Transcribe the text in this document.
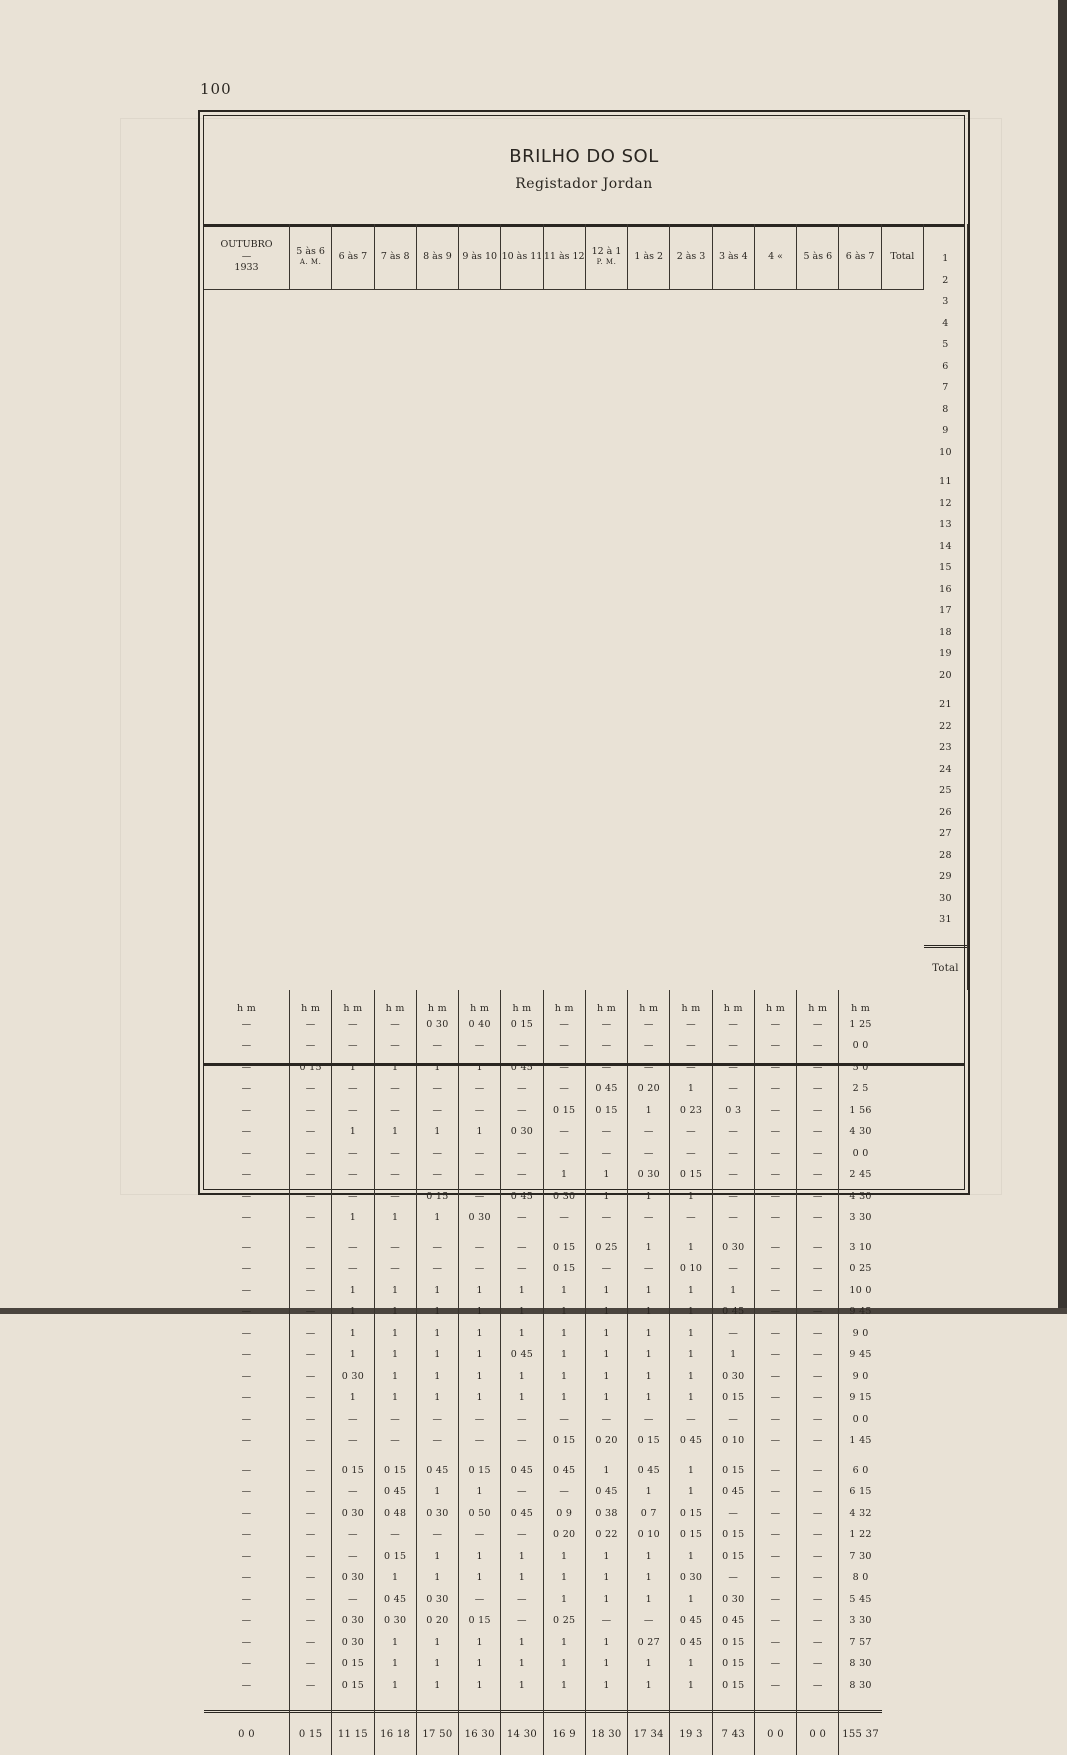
100
BRILHO DO SOL
Registador Jordan
OUTUBRO
—
1933
5 às 6
A. M.
6 às 7 7 às 8 8 às 9 9 às 10 10 às 11 11 às 12 12 à 1
P. M.
1 às 2 2 às 3 3 às 4 4 « 5 às 6 6 às 7 Total	1
2
3
4
5
6
7
8
9
10
11
12
13
14
15
16
17
18
19
20
21
22
23
24
25
26
27
28
29
30
31
Total
h m
—
—
—
—
—
—
—
—
—
—
—
—
—
—
—
—
—
—
—
—
—
—
—
—
—
—
—
—
—
—
—
0 0
h m
—
—
0 15
—
—
—
—
—
—
—
—
—
—
—
—
—
—
—
—
—
—
—
—
—
—
—
—
—
—
—
—
0 15
h m
—
—
1
—
—
1
—
—
—
1
—
—
1
1
1
1
0 30
1
—
—
0 15
—
0 30
—
—
0 30
—
0 30
0 30
0 15
0 15
11 15
h m
—
—
1
—
—
1
—
—
—
1
—
—
1
1
1
1
1
1
—
—
0 15
0 45
0 48
—
0 15
1
0 45
0 30
1
1
1
16 18
h m
0 30
—
1
—
—
1
—
—
0 15
1
—
—
1
1
1
1
1
1
—
—
0 45
1
0 30
—
1
1
0 30
0 20
1
1
1
17 50
h m
0 40
—
1
—
—
1
—
—
—
0 30
—
—
1
1
1
1
1
1
—
—
0 15
1
0 50
—
1
1
—
0 15
1
1
1
16 30
h m
0 15
—
0 45
—
—
0 30
—
—
0 45
—
—
—
1
1
1
0 45
1
1
—
—
0 45
—
0 45
—
1
1
—
—
1
1
1
14 30
h m
—
—
—
—
0 15
—
—
1
0 30
—
0 15
0 15
1
1
1
1
1
1
—
0 15
0 45
—
0 9
0 20
1
1
1
0 25
1
1
1
16 9
h m
—
—
—
0 45
0 15
—
—
1
1
—
0 25
—
1
1
1
1
1
1
—
0 20
1
0 45
0 38
0 22
1
1
1
—
1
1
1
18 30
h m
—
—
—
0 20
1
—
—
0 30
1
—
1
—
1
1
1
1
1
1
—
0 15
0 45
1
0 7
0 10
1
1
1
—
0 27
1
1
17 34
h m
—
—
—
1
0 23
—
—
0 15
1
—
1
0 10
1
1
1
1
1
1
—
0 45
1
1
0 15
0 15
1
0 30
1
0 45
0 45
1
1
19 3
h m
—
—
—
—
0 3
—
—
—
—
—
0 30
—
1
0 45
—
1
0 30
0 15
—
0 10
0 15
0 45
—
0 15
0 15
—
0 30
0 45
0 15
0 15
0 15
7 43
h m
—
—
—
—
—
—
—
—
—
—
—
—
—
—
—
—
—
—
—
—
—
—
—
—
—
—
—
—
—
—
—
0 0
h m
—
—
—
—
—
—
—
—
—
—
—
—
—
—
—
—
—
—
—
—
—
—
—
—
—
—
—
—
—
—
—
0 0
h m
1 25
0 0
5 0
2 5
1 56
4 30
0 0
2 45
4 30
3 30
3 10
0 25
10 0
9 45
9 0
9 45
9 0
9 15
0 0
1 45
6 0
6 15
4 32
1 22
7 30
8 0
5 45
3 30
7 57
8 30
8 30
155 37
